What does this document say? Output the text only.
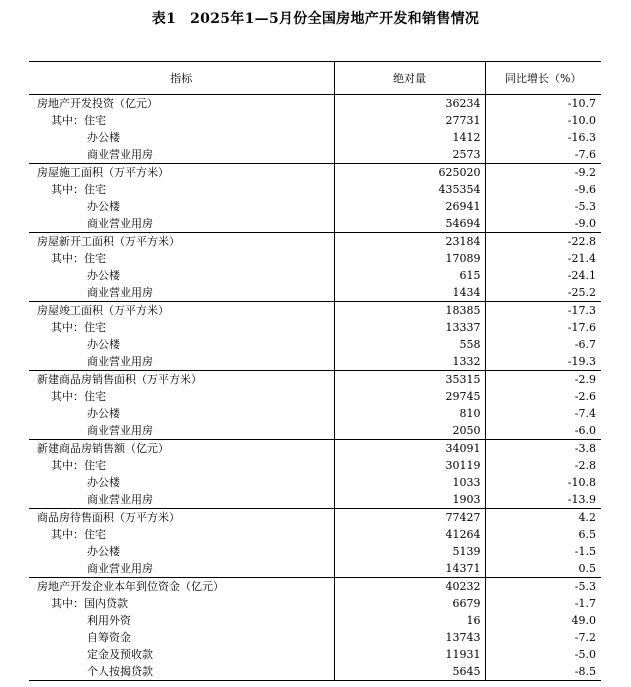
表1 2025年1—5月份全国房地产开发和销售情况
指标	绝对量	同比增长（%）
房地产开发投资（亿元）	36234	-10.7
其中：住宅	27731	-10.0
办公楼	1412	-16.3
商业营业用房	2573	-7.6
房屋施工面积（万平方米）	625020	-9.2
其中：住宅	435354	-9.6
办公楼	26941	-5.3
商业营业用房	54694	-9.0
房屋新开工面积（万平方米）	23184	-22.8
其中：住宅	17089	-21.4
办公楼	615	-24.1
商业营业用房	1434	-25.2
房屋竣工面积（万平方米）	18385	-17.3
其中：住宅	13337	-17.6
办公楼	558	-6.7
商业营业用房	1332	-19.3
新建商品房销售面积（万平方米）	35315	-2.9
其中：住宅	29745	-2.6
办公楼	810	-7.4
商业营业用房	2050	-6.0
新建商品房销售额（亿元）	34091	-3.8
其中：住宅	30119	-2.8
办公楼	1033	-10.8
商业营业用房	1903	-13.9
商品房待售面积（万平方米）	77427	4.2
其中：住宅	41264	6.5
办公楼	5139	-1.5
商业营业用房	14371	0.5
房地产开发企业本年到位资金（亿元）	40232	-5.3
其中：国内贷款	6679	-1.7
利用外资	16	49.0
自筹资金	13743	-7.2
定金及预收款	11931	-5.0
个人按揭贷款	5645	-8.5
